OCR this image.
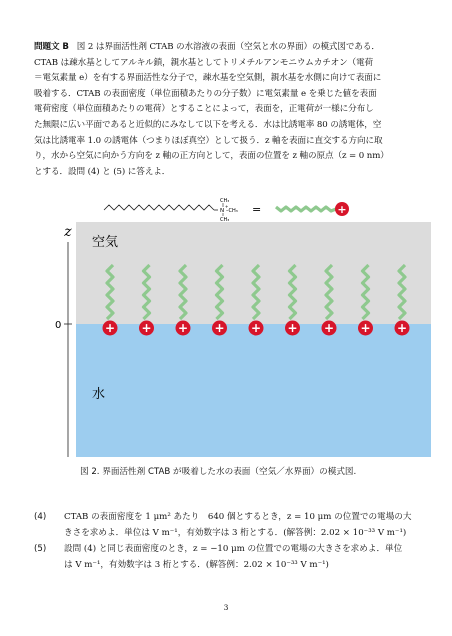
問題文 B 図 2 は界面活性剤 CTAB の水溶液の表面（空気と水の界面）の模式図である．
CTAB は疎水基としてアルキル鎖，親水基としてトリメチルアンモニウムカチオン（電荷
＝電気素量 e）を有する界面活性な分子で，疎水基を空気側，親水基を水側に向けて表面に
吸着する．CTAB の表面密度（単位面積あたりの分子数）に電気素量 e を乗じた値を表面
電荷密度（単位面積あたりの電荷）とすることによって，表面を，正電荷が一様に分布し
た無限に広い平面であると近似的にみなして以下を考える．水は比誘電率 80 の誘電体，空
気は比誘電率 1.0 の誘電体（つまりほぼ真空）として扱う．z 軸を表面に直交する方向に取
り，水から空気に向かう方向を z 軸の正方向として，表面の位置を z 軸の原点（z = 0 nm）
とする．設問 (4) と (5) に答えよ．
CH₃
N
+
–CH₃
CH₃
=	+
z
0
空気
水
+ + + + + + + + +
図 2. 界面活性剤 CTAB が吸着した水の表面（空気／水界面）の模式図.
(4) CTAB の表面密度を 1 μm² あたり　640 個とするとき，z = 10 μm の位置での電場の大
きさを求めよ．単位は V m⁻¹，有効数字は 3 桁とする．(解答例：2.02 × 10⁻³³ V m⁻¹)
(5) 設問 (4) と同じ表面密度のとき，z = −10 μm の位置での電場の大きさを求めよ．単位
は V m⁻¹，有効数字は 3 桁とする．(解答例：2.02 × 10⁻³³ V m⁻¹)
3
